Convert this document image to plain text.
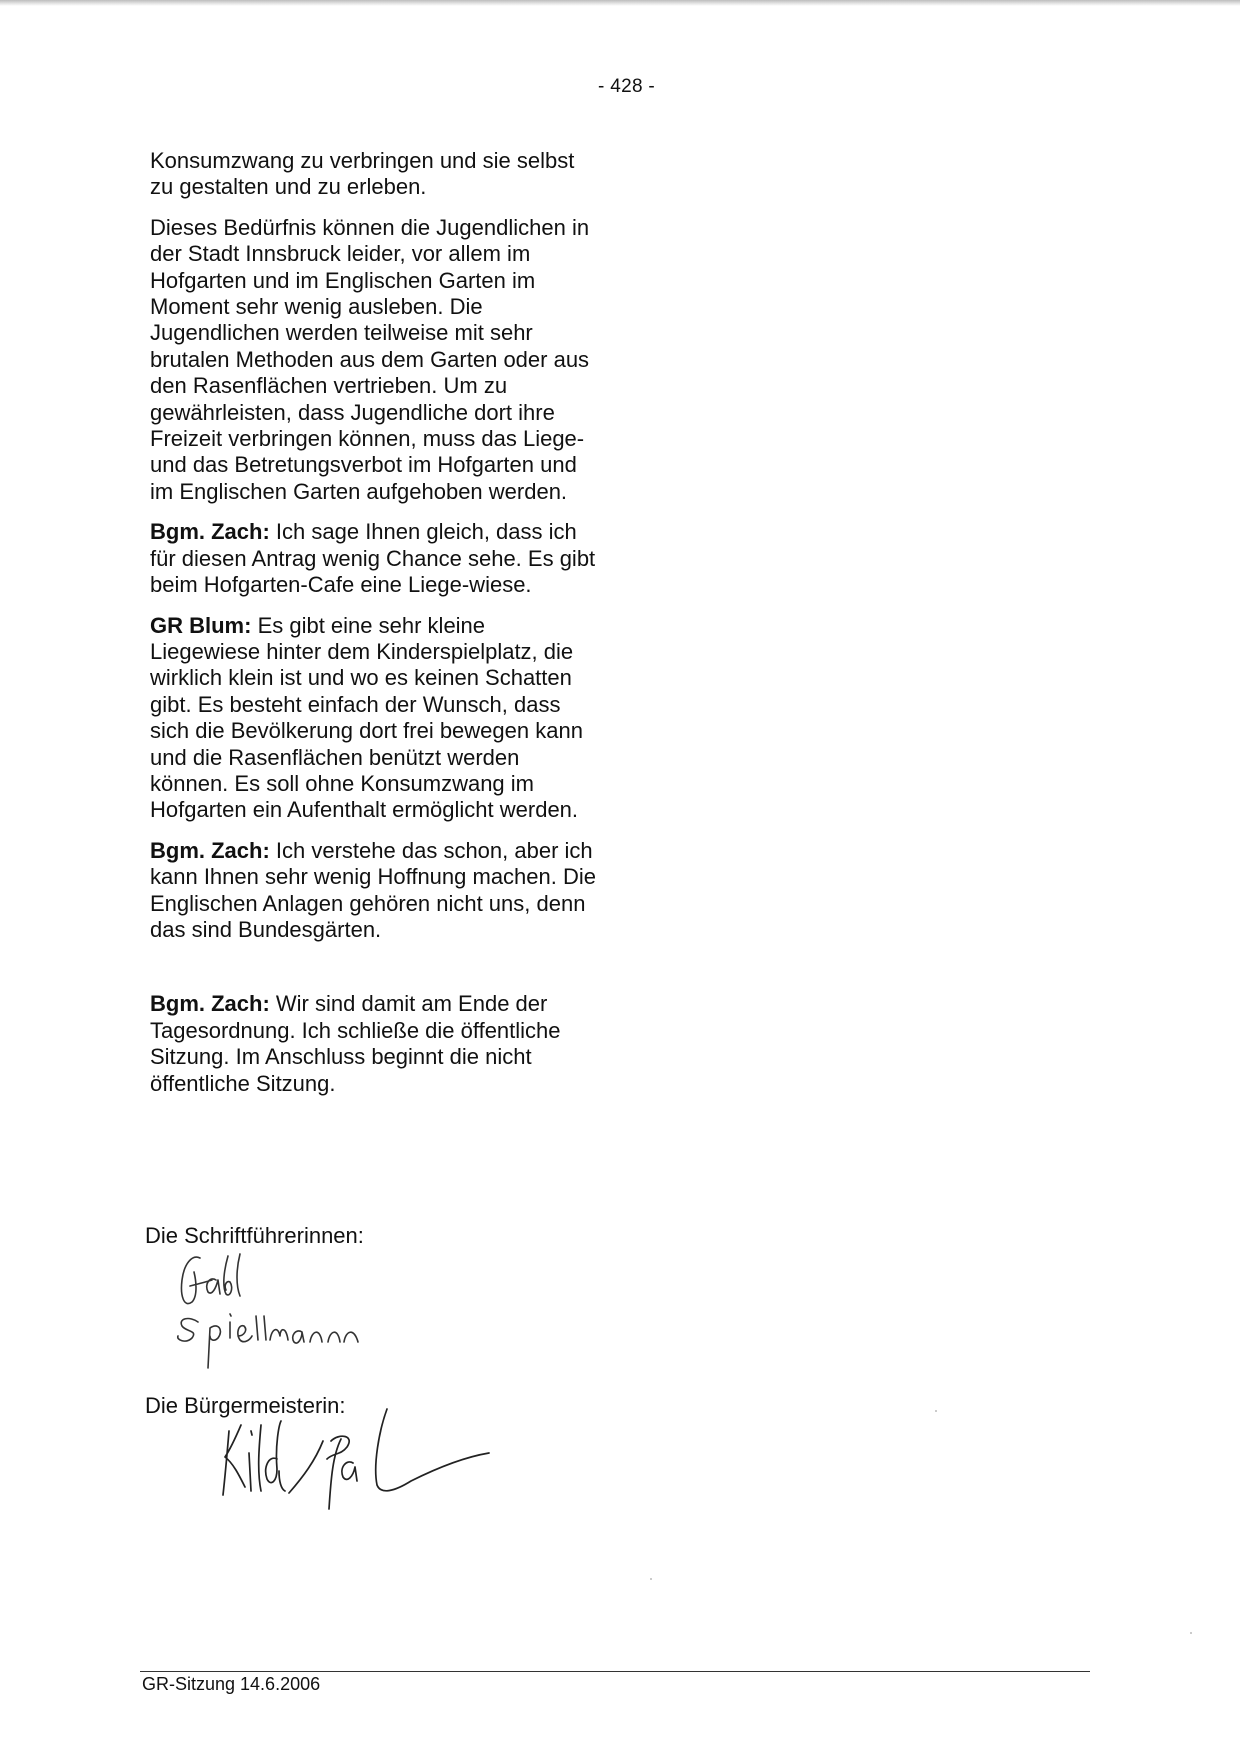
- 428 -

Konsumzwang zu verbringen und sie selbst zu gestalten und zu erleben.

Dieses Bedürfnis können die Jugendlichen in der Stadt Innsbruck leider, vor allem im Hofgarten und im Englischen Garten im Moment sehr wenig ausleben. Die Jugendlichen werden teilweise mit sehr brutalen Methoden aus dem Garten oder aus den Rasenflächen vertrieben. Um zu gewährleisten, dass Jugendliche dort ihre Freizeit verbringen können, muss das Liege- und das Betretungsverbot im Hofgarten und im Englischen Garten aufgehoben werden.

Bgm. Zach: Ich sage Ihnen gleich, dass ich für diesen Antrag wenig Chance sehe. Es gibt beim Hofgarten-Cafe eine Liege-wiese.

GR Blum: Es gibt eine sehr kleine Liegewiese hinter dem Kinderspielplatz, die wirklich klein ist und wo es keinen Schatten gibt. Es besteht einfach der Wunsch, dass sich die Bevölkerung dort frei bewegen kann und die Rasenflächen benützt werden können. Es soll ohne Konsumzwang im Hofgarten ein Aufenthalt ermöglicht werden.

Bgm. Zach: Ich verstehe das schon, aber ich kann Ihnen sehr wenig Hoffnung machen. Die Englischen Anlagen gehören nicht uns, denn das sind Bundesgärten.

Bgm. Zach: Wir sind damit am Ende der Tagesordnung. Ich schließe die öffentliche Sitzung. Im Anschluss beginnt die nicht öffentliche Sitzung.

Die Schriftführerinnen:
Die Bürgermeisterin:
GR-Sitzung 14.6.2006
